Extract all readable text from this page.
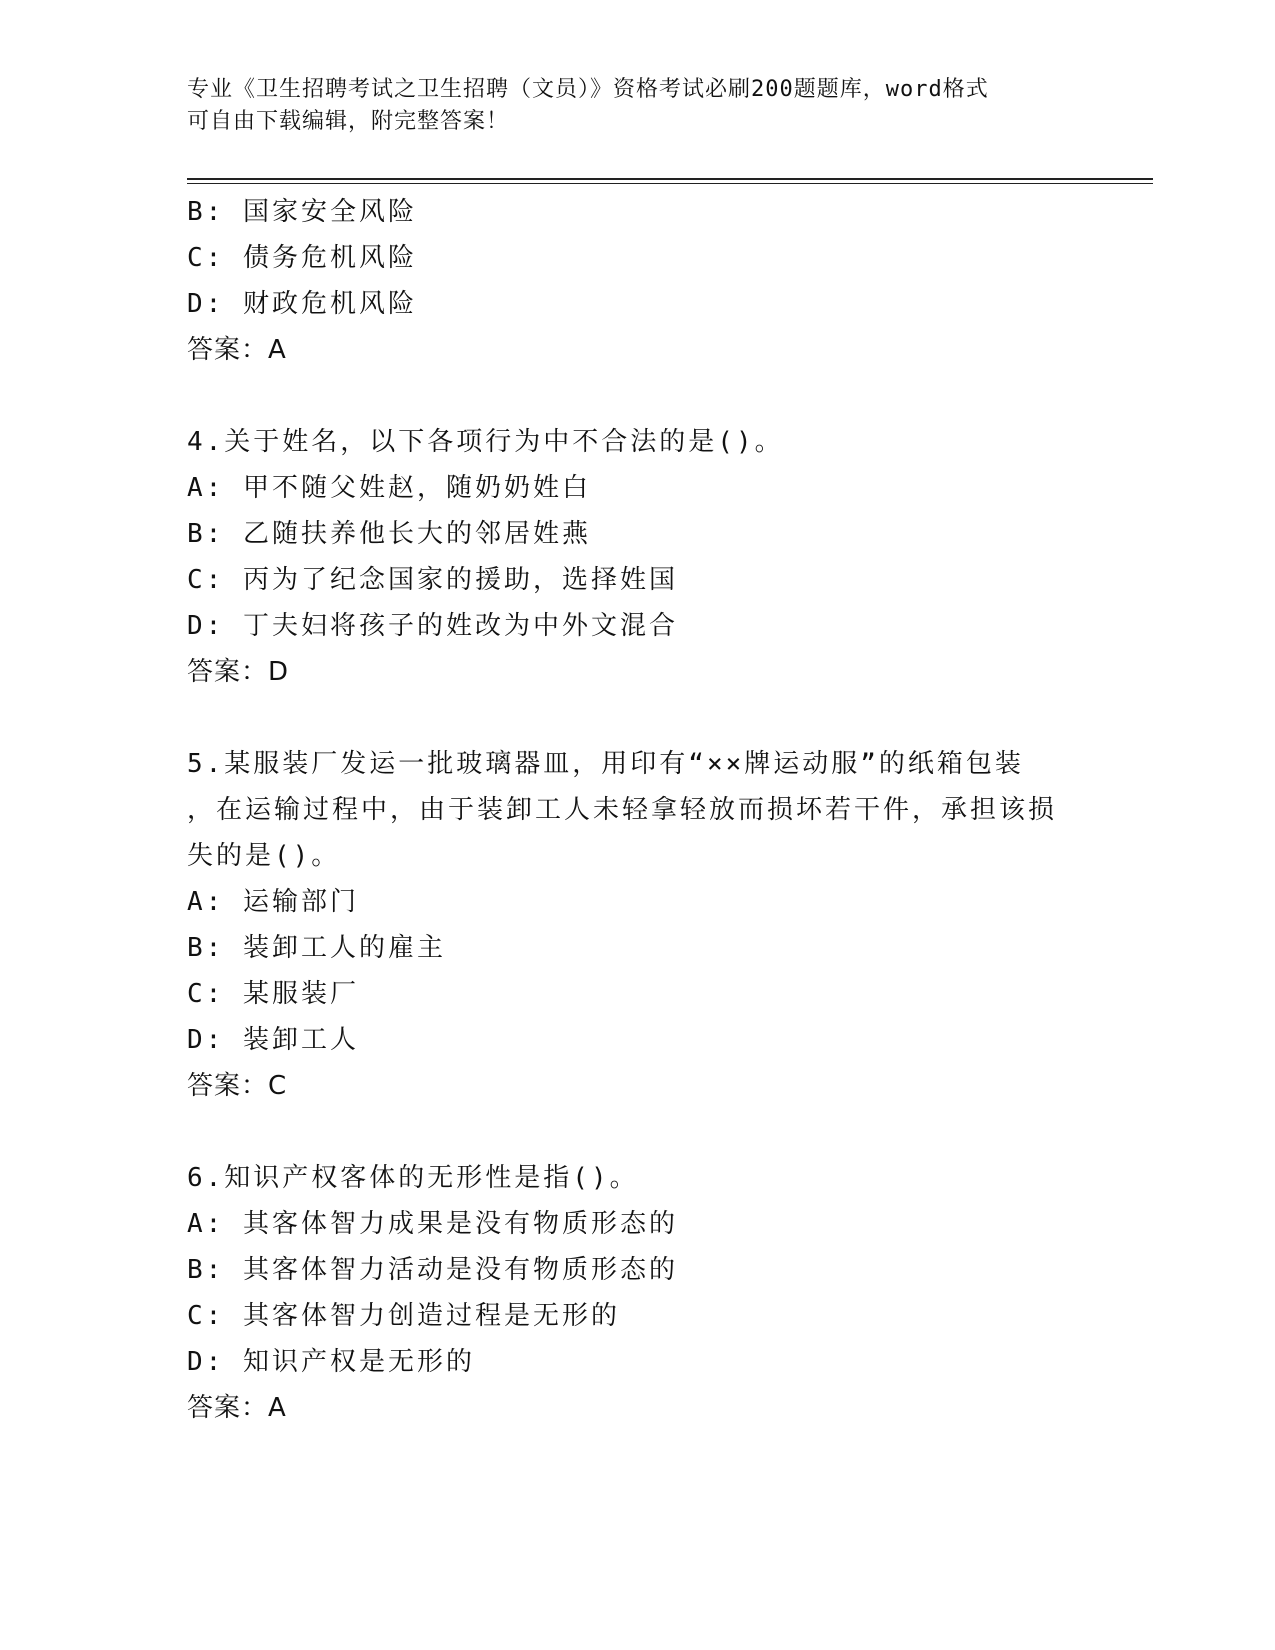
专业《卫生招聘考试之卫生招聘（文员）》资格考试必刷200题题库，word格式
可自由下载编辑，附完整答案！
B: 国家安全风险
C: 债务危机风险
D: 财政危机风险
答案：A
4.关于姓名，以下各项行为中不合法的是()。
A: 甲不随父姓赵，随奶奶姓白
B: 乙随扶养他长大的邻居姓燕
C: 丙为了纪念国家的援助，选择姓国
D: 丁夫妇将孩子的姓改为中外文混合
答案：D
5.某服装厂发运一批玻璃器皿，用印有“××牌运动服”的纸箱包装
，在运输过程中，由于装卸工人未轻拿轻放而损坏若干件，承担该损
失的是()。
A: 运输部门
B: 装卸工人的雇主
C: 某服装厂
D: 装卸工人
答案：C
6.知识产权客体的无形性是指()。
A: 其客体智力成果是没有物质形态的
B: 其客体智力活动是没有物质形态的
C: 其客体智力创造过程是无形的
D: 知识产权是无形的
答案：A
